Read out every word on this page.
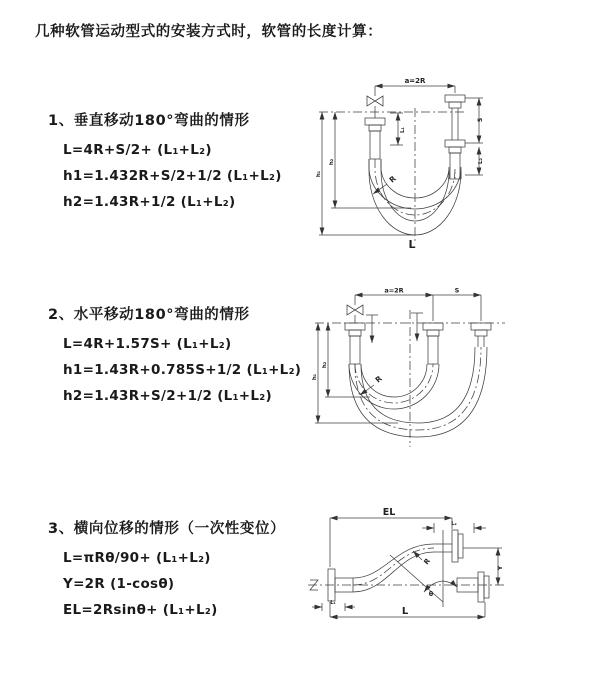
几种软管运动型式的安装方式时，软管的长度计算：
1、垂直移动180°弯曲的情形
L=4R+S/2+ (L₁+L₂)
h1=1.432R+S/2+1/2 (L₁+L₂)
h2=1.43R+1/2 (L₁+L₂)
2、水平移动180°弯曲的情形
L=4R+1.57S+ (L₁+L₂)
h1=1.43R+0.785S+1/2 (L₁+L₂)
h2=1.43R+S/2+1/2 (L₁+L₂)
3、横向位移的情形（一次性变位）
L=πRθ/90+ (L₁+L₂)
Y=2R (1-cosθ)
EL=2Rsinθ+ (L₁+L₂)
a=2R
L₁
S
L₂
h₁
h₂
R
L
a=2R	S
h₁
h₂
R
EL
L₂
Y
L
L₁
R
θ
